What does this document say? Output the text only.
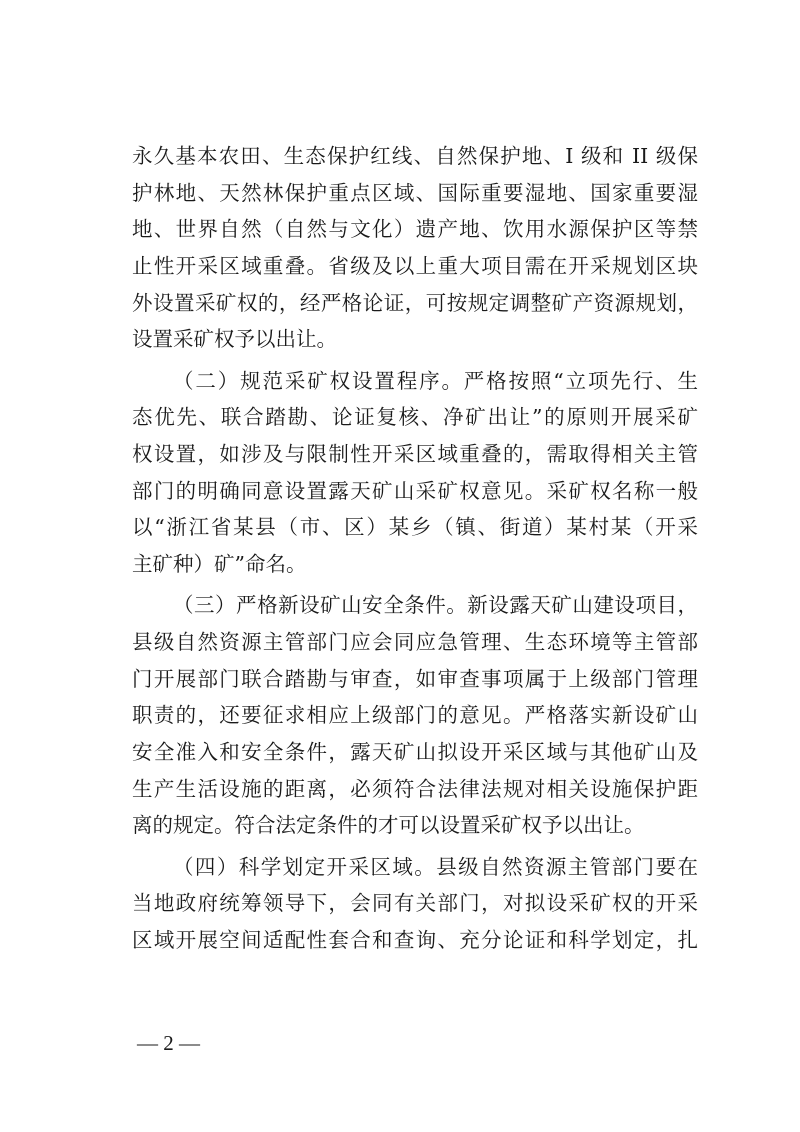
永久基本农田、生态保护红线、自然保护地、I 级和 II 级保
护林地、天然林保护重点区域、国际重要湿地、国家重要湿
地、世界自然（自然与文化）遗产地、饮用水源保护区等禁
止性开采区域重叠。省级及以上重大项目需在开采规划区块
外设置采矿权的，经严格论证，可按规定调整矿产资源规划，
设置采矿权予以出让。
（二）规范采矿权设置程序。严格按照“立项先行、生
态优先、联合踏勘、论证复核、净矿出让”的原则开展采矿
权设置，如涉及与限制性开采区域重叠的，需取得相关主管
部门的明确同意设置露天矿山采矿权意见。采矿权名称一般
以“浙江省某县（市、区）某乡（镇、街道）某村某（开采
主矿种）矿”命名。
（三）严格新设矿山安全条件。新设露天矿山建设项目，
县级自然资源主管部门应会同应急管理、生态环境等主管部
门开展部门联合踏勘与审查，如审查事项属于上级部门管理
职责的，还要征求相应上级部门的意见。严格落实新设矿山
安全准入和安全条件，露天矿山拟设开采区域与其他矿山及
生产生活设施的距离，必须符合法律法规对相关设施保护距
离的规定。符合法定条件的才可以设置采矿权予以出让。
（四）科学划定开采区域。县级自然资源主管部门要在
当地政府统筹领导下，会同有关部门，对拟设采矿权的开采
区域开展空间适配性套合和查询、充分论证和科学划定，扎
— 2 —
